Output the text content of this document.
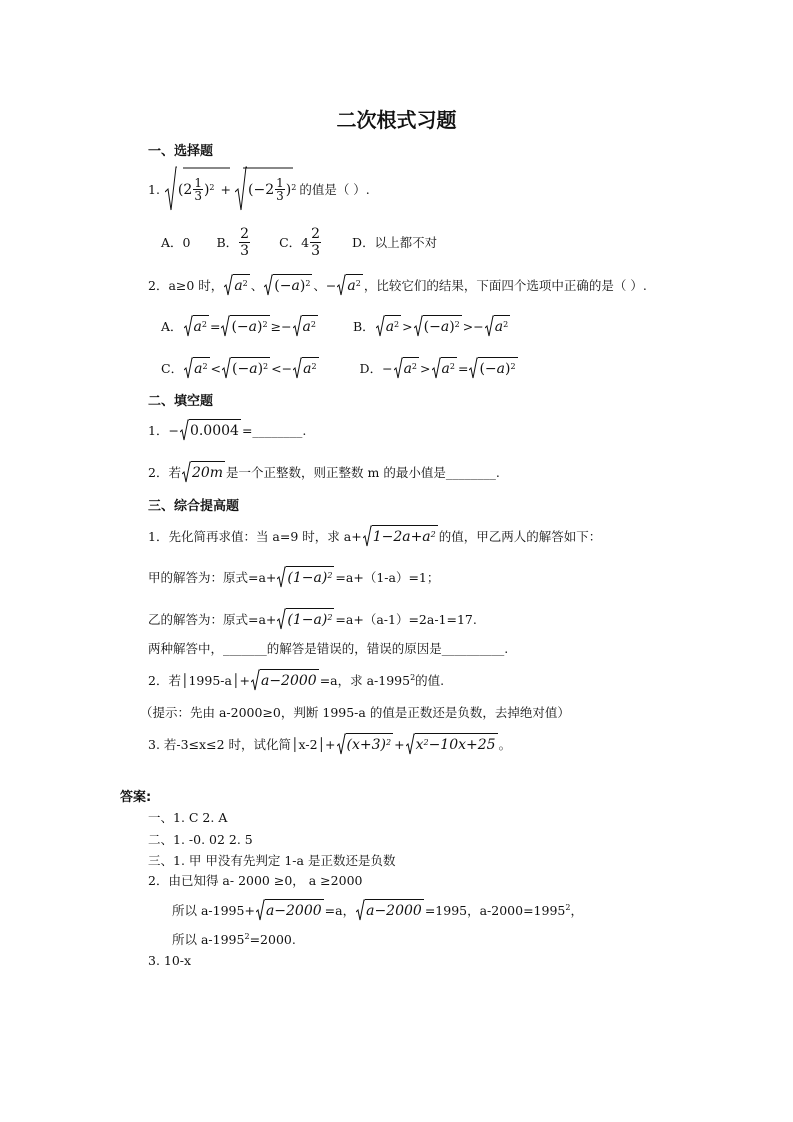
二次根式习题
一、选择题
1.
( $2 \frac{1}{3} )^2$ + ( $-2 \frac{1}{3} )^2$ 的值是（ ）.
A．0 B． $\frac{2}{3}$ C．$4 \frac{2}{3}$ D．以上都不对
2．a≥0 时， $a^2$ 、 (− a )$^2$ 、− $a^2$ ，比较它们的结果，下面四个选项中正确的是（ ）.
A． $a^2$ = (− a )$^2 \ge- a^2$	B． $a^2$ > (− a )$^2 >- a^2$
C． $a^2$ < (− a )$^2 <- a^2$	D． − $a^2 > a^2$ = (− a )$^2$
二、填空题
1． − 0.0004 =________.
2．若 20m 是一个正整数，则正整数 m 的最小值是________.
三、综合提高题
1．先化简再求值：当 a=9 时，求 $a+ 1-2a+a^2$ 的值，甲乙两人的解答如下：
甲的解答为：原式$=a+ (1-a)^2 =a+(1-a)=1$；
乙的解答为：原式$=a+ (1-a)^2 =a+(a-1)=2a-1=17$.
两种解答中，_______的解答是错误的，错误的原因是__________.
2．若│1995-a│+ a−2000 =a，求 a-1995$^2$ 的值.
（提示：先由 a-2000≥0，判断 1995-a 的值是正数还是负数，去掉绝对值）
3. 若-3≤x≤2 时，试化简│x-2│+ $(x+3)^2 + x^2 -10x+25$ 。
答案:
一、1. C 2. A
二、1. -0. 02 2. 5
三、1. 甲 甲没有先判定 1-a 是正数还是负数
2．由已知得 a- 2000 ≥0， a ≥2000
所以 a-1995+ a−2000 =a， a−2000 =1995，$a-2000=1995^2$ ，
所以 $a-1995^2 =2000$.
3. 10-x
